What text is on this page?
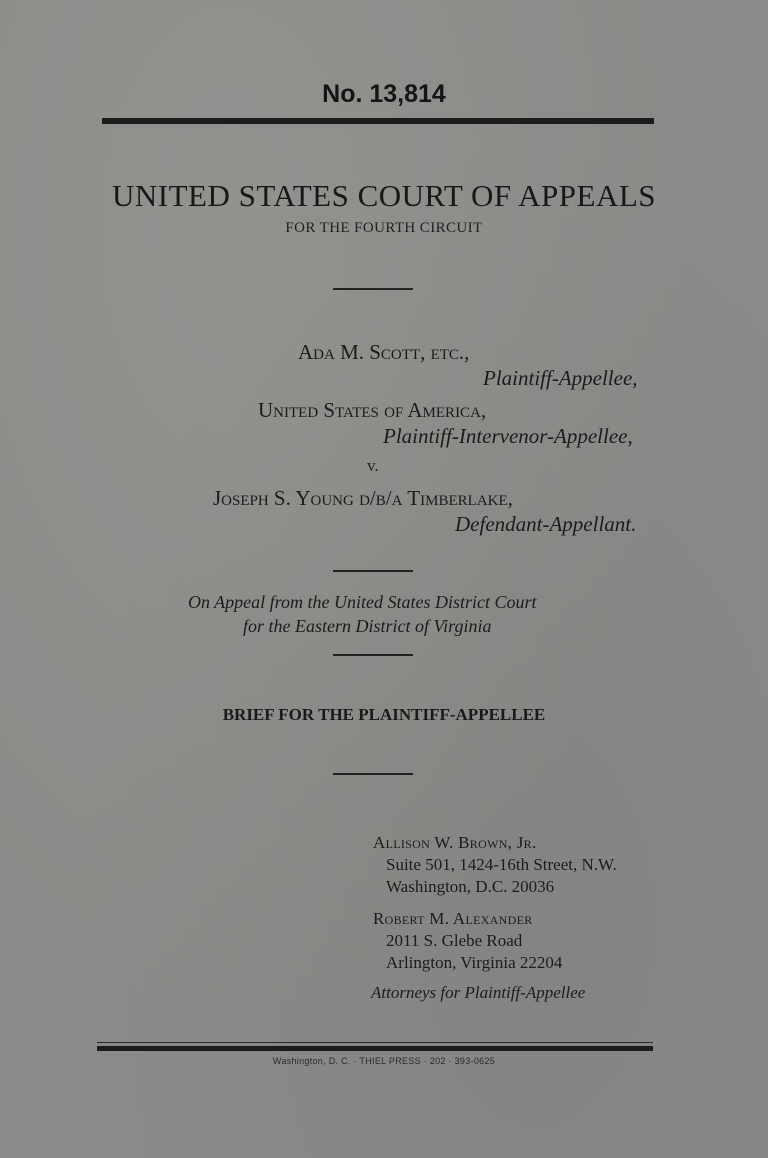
No. 13,814
UNITED STATES COURT OF APPEALS
FOR THE FOURTH CIRCUIT
Ada M. Scott, etc.,
Plaintiff-Appellee,
United States of America,
Plaintiff-Intervenor-Appellee,
v.
Joseph S. Young d/b/a Timberlake,
Defendant-Appellant.
On Appeal from the United States District Court
for the Eastern District of Virginia
BRIEF FOR THE PLAINTIFF-APPELLEE
Allison W. Brown, Jr.
Suite 501, 1424-16th Street, N.W.
Washington, D.C. 20036
Robert M. Alexander
2011 S. Glebe Road
Arlington, Virginia 22204
Attorneys for Plaintiff-Appellee
Washington, D. C. · THIEL PRESS · 202 · 393-0625
